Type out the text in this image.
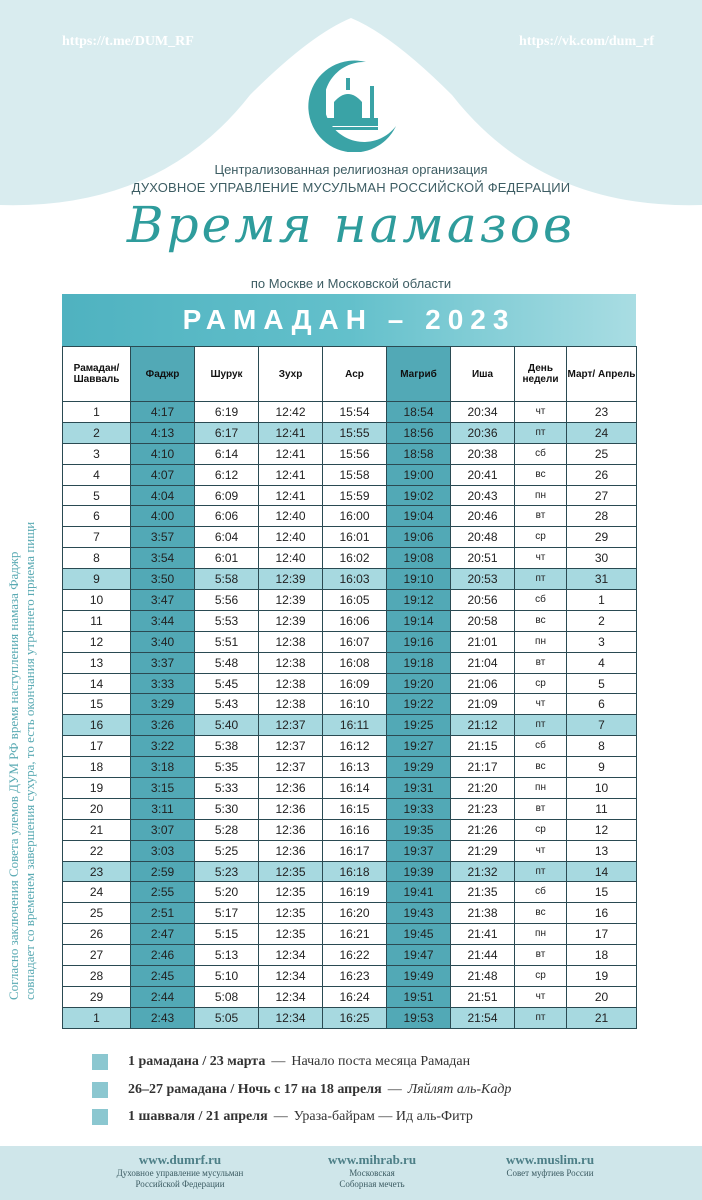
https://t.me/DUM_RF	https://vk.com/dum_rf
Централизованная религиозная организация
ДУХОВНОЕ УПРАВЛЕНИЕ МУСУЛЬМАН РОССИЙСКОЙ ФЕДЕРАЦИИ
Время намазов
по Москве и Московской области
РАМАДАН – 2023
Согласно заключения Совета улемов ДУМ РФ время наступления намаза Фаджр совпадает со временем завершения сухура, то есть окончания утреннего приема пищи
Рамадан/ Шавваль	Фаджр	Шурук	Зухр	Аср	Магриб	Иша	День недели	Март/ Апрель
1	4:17	6:19	12:42	15:54	18:54	20:34	чт	23
2	4:13	6:17	12:41	15:55	18:56	20:36	пт	24
3	4:10	6:14	12:41	15:56	18:58	20:38	сб	25
4	4:07	6:12	12:41	15:58	19:00	20:41	вс	26
5	4:04	6:09	12:41	15:59	19:02	20:43	пн	27
6	4:00	6:06	12:40	16:00	19:04	20:46	вт	28
7	3:57	6:04	12:40	16:01	19:06	20:48	ср	29
8	3:54	6:01	12:40	16:02	19:08	20:51	чт	30
9	3:50	5:58	12:39	16:03	19:10	20:53	пт	31
10	3:47	5:56	12:39	16:05	19:12	20:56	сб	1
11	3:44	5:53	12:39	16:06	19:14	20:58	вс	2
12	3:40	5:51	12:38	16:07	19:16	21:01	пн	3
13	3:37	5:48	12:38	16:08	19:18	21:04	вт	4
14	3:33	5:45	12:38	16:09	19:20	21:06	ср	5
15	3:29	5:43	12:38	16:10	19:22	21:09	чт	6
16	3:26	5:40	12:37	16:11	19:25	21:12	пт	7
17	3:22	5:38	12:37	16:12	19:27	21:15	сб	8
18	3:18	5:35	12:37	16:13	19:29	21:17	вс	9
19	3:15	5:33	12:36	16:14	19:31	21:20	пн	10
20	3:11	5:30	12:36	16:15	19:33	21:23	вт	11
21	3:07	5:28	12:36	16:16	19:35	21:26	ср	12
22	3:03	5:25	12:36	16:17	19:37	21:29	чт	13
23	2:59	5:23	12:35	16:18	19:39	21:32	пт	14
24	2:55	5:20	12:35	16:19	19:41	21:35	сб	15
25	2:51	5:17	12:35	16:20	19:43	21:38	вс	16
26	2:47	5:15	12:35	16:21	19:45	21:41	пн	17
27	2:46	5:13	12:34	16:22	19:47	21:44	вт	18
28	2:45	5:10	12:34	16:23	19:49	21:48	ср	19
29	2:44	5:08	12:34	16:24	19:51	21:51	чт	20
1	2:43	5:05	12:34	16:25	19:53	21:54	пт	21
1 рамадана / 23 марта — Начало поста месяца Рамадан
26–27 рамадана / Ночь с 17 на 18 апреля — Ляйлят аль-Кадр
1 шавваля / 21 апреля — Ураза-байрам — Ид аль-Фитр
www.dumrf.ru
Духовное управление мусульман
Российской Федерации
www.mihrab.ru
Московская
Соборная мечеть
www.muslim.ru
Совет муфтиев России
